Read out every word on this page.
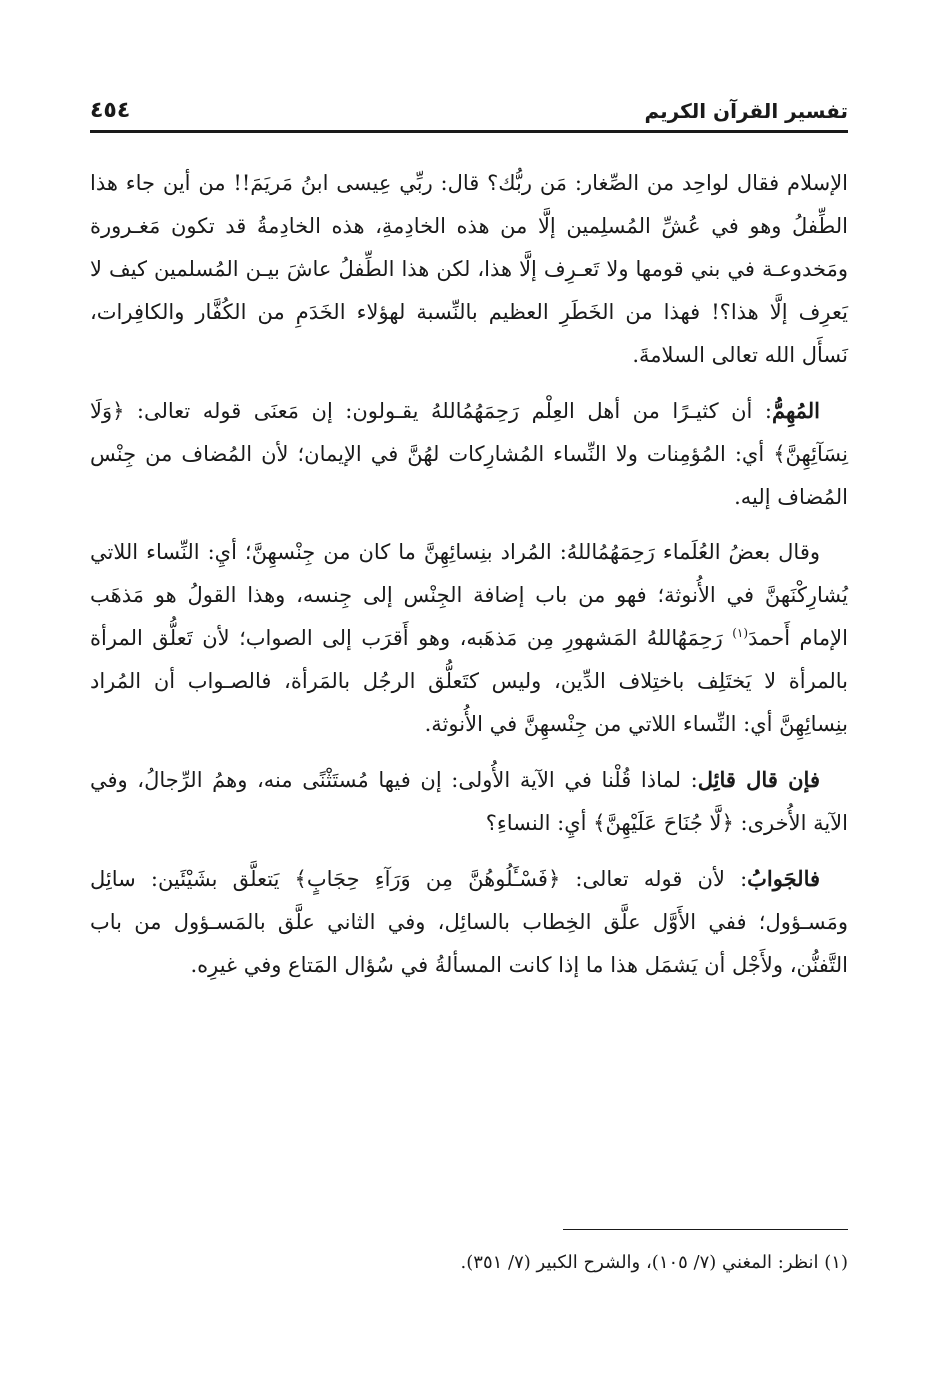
تفسير القرآن الكريم
٤٥٤

الإسلام فقال لواحِد من الصِّغار: مَن ربُّك؟ قال: ربِّي عِيسى ابنُ مَريَمَ!! من أين جاء هذا الطِّفلُ وهو في عُشِّ المُسلِمين إلَّا من هذه الخادِمةِ، هذه الخادِمةُ قد تكون مَغـرورة ومَخدوعـة في بني قومها ولا تَعـرِف إلَّا هذا، لكن هذا الطِّفلُ عاشَ بيـن المُسلمين كيف لا يَعرِف إلَّا هذا؟! فهذا من الخَطَرِ العظيم بالنِّسبة لهؤلاء الخَدَمِ من الكُفَّار والكافِرات، نَسأَل الله تعالى السلامةَ.

المُهِمُّ: أن كثيـرًا من أهل العِلْم رَحِمَهُمُاللهُ يقـولون: إن مَعنَى قوله تعالى: ﴿وَلَا نِسَآئِهِنَّ﴾ أي: المُؤمِنات ولا النِّساء المُشارِكات لهُنَّ في الإيمان؛ لأن المُضاف من جِنْس المُضاف إليه.

وقال بعضُ العُلَماء رَحِمَهُمُاللهُ: المُراد بنِسائِهِنَّ ما كان من جِنْسهِنَّ؛ أيِ: النِّساء اللاتي يُشارِكْنَهنَّ في الأُنوثة؛ فهو من باب إضافة الجِنْس إلى جِنسه، وهذا القولُ هو مَذهَب الإمام أَحمدَ$^{(١)}$ رَحِمَهُاللهُ المَشهورِ مِن مَذهَبه، وهو أَقرَب إلى الصواب؛ لأن تَعلُّق المرأة بالمرأة لا يَختَلِف باختِلاف الدِّين، وليس كتَعلُّق الرجُل بالمَرأة، فالصـواب أن المُراد بنِسائِهِنَّ أي: النِّساء اللاتي من جِنْسهِنَّ في الأُنوثة.

فإن قال قائِل: لماذا قُلْنا في الآية الأُولى: إن فيها مُستَثْنًى منه، وهمُ الرِّجالُ، وفي الآية الأُخرى: ﴿لَّا جُنَاحَ عَلَيْهِنَّ﴾ أيِ: النساءِ؟

فالجَوابُ: لأن قوله تعالى: ﴿فَسْـَٔلُوهُنَّ مِن وَرَآءِ حِجَابٍ﴾ يَتعلَّق بشَيْئَين: سائِل ومَسـؤول؛ ففي الأَوَّل علَّق الخِطاب بالسائِل، وفي الثاني علَّق بالمَسـؤول من باب التَّفنُّن، ولأَجْل أن يَشمَل هذا ما إذا كانت المسألةُ في سُؤال المَتاع وفي غيرِه.

(١) انظر: المغني (٧/ ١٠٥)، والشرح الكبير (٧/ ٣٥١).
